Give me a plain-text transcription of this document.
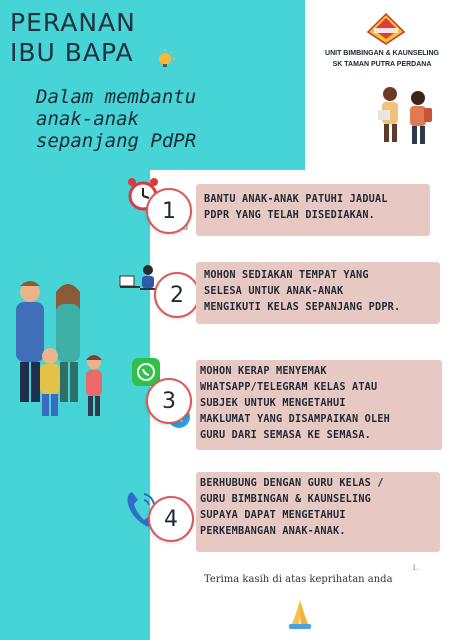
PERANAN
IBU BAPA
Dalam membantu
anak-anak
sepanjang PdPR
UNIT BIMBINGAN & KAUNSELING
SK TAMAN PUTRA PERDANA
1	BANTU ANAK-ANAK PATUHI JADUAL
PDPR YANG TELAH DISEDIAKAN.
2
MOHON SEDIAKAN TEMPAT YANG
SELESA UNTUK ANAK-ANAK
MENGIKUTI KELAS SEPANJANG PDPR.
3
MOHON KERAP MENYEMAK
WHATSAPP/TELEGRAM KELAS ATAU
SUBJEK UNTUK MENGETAHUI
MAKLUMAT YANG DISAMPAIKAN OLEH
GURU DARI SEMASA KE SEMASA.
4
BERHUBUNG DENGAN GURU KELAS /
GURU BIMBINGAN & KAUNSELING
SUPAYA DAPAT MENGETAHUI
PERKEMBANGAN ANAK-ANAK.
1.
Terima kasih di atas keprihatan anda
